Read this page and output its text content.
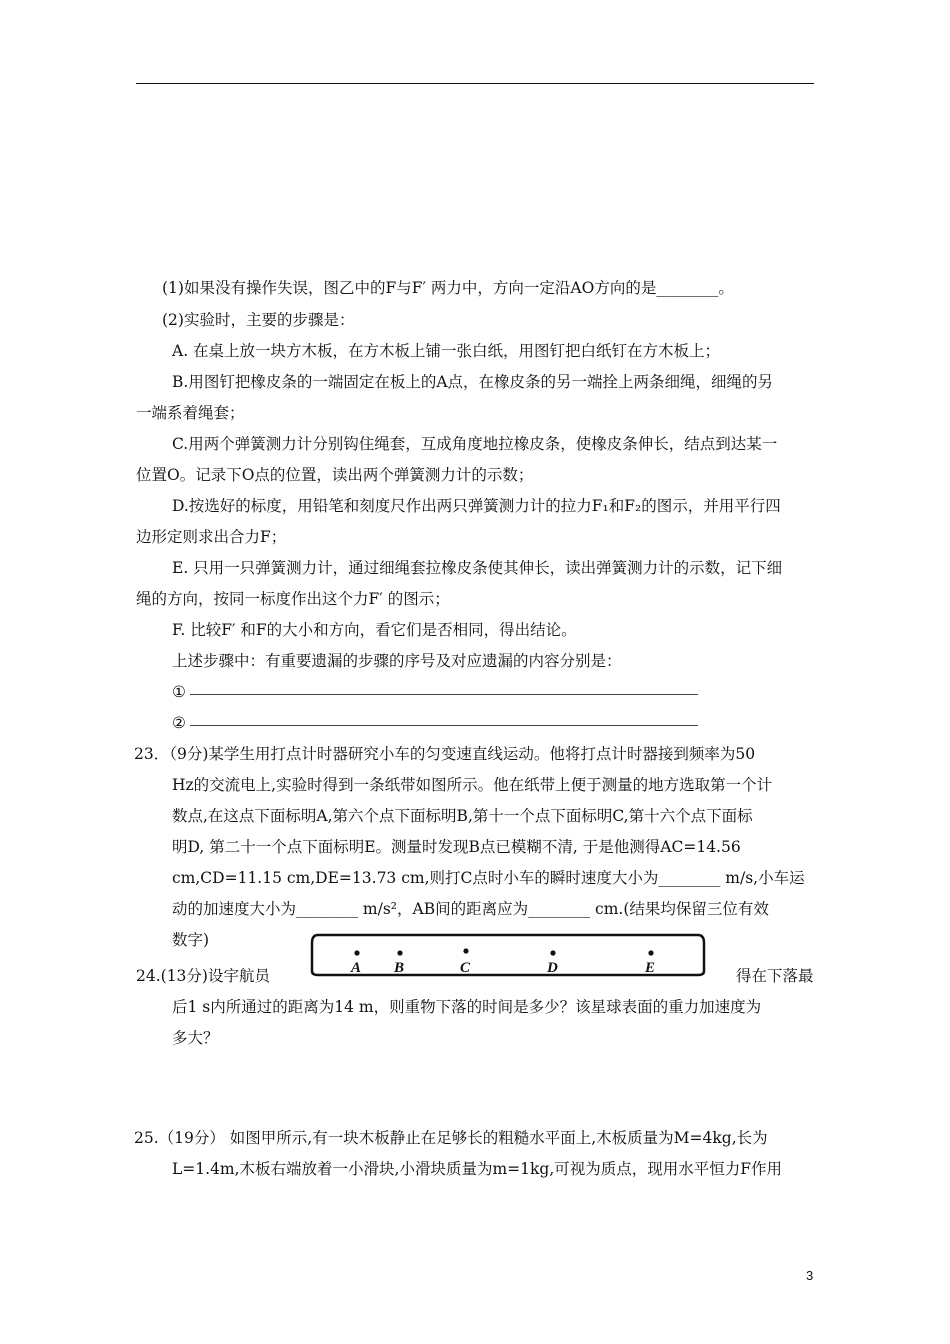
(1)如果没有操作失误，图乙中的F与F′ 两力中，方向一定沿AO方向的是________。
(2)实验时，主要的步骤是：
A. 在桌上放一块方木板，在方木板上铺一张白纸，用图钉把白纸钉在方木板上；
B.用图钉把橡皮条的一端固定在板上的A点，在橡皮条的另一端拴上两条细绳，细绳的另
一端系着绳套；
C.用两个弹簧测力计分别钩住绳套，互成角度地拉橡皮条，使橡皮条伸长，结点到达某一
位置O。记录下O点的位置，读出两个弹簧测力计的示数；
D.按选好的标度，用铅笔和刻度尺作出两只弹簧测力计的拉力F₁和F₂的图示，并用平行四
边形定则求出合力F；
E. 只用一只弹簧测力计，通过细绳套拉橡皮条使其伸长，读出弹簧测力计的示数，记下细
绳的方向，按同一标度作出这个力F′ 的图示；
F. 比较F′ 和F的大小和方向，看它们是否相同，得出结论。
上述步骤中：有重要遗漏的步骤的序号及对应遗漏的内容分别是：
①
②
23．（9分)某学生用打点计时器研究小车的匀变速直线运动。他将打点计时器接到频率为50
Hz的交流电上,实验时得到一条纸带如图所示。他在纸带上便于测量的地方选取第一个计
数点,在这点下面标明A,第六个点下面标明B,第十一个点下面标明C,第十六个点下面标
明D, 第二十一个点下面标明E。测量时发现B点已模糊不清, 于是他测得AC=14.56
cm,CD=11.15 cm,DE=13.73 cm,则打C点时小车的瞬时速度大小为________ m/s,小车运
动的加速度大小为________ m/s²，AB间的距离应为________ cm.(结果均保留三位有效
数字)
A B	C	D	E
24.(13分)设宇航员	得在下落最
后1 s内所通过的距离为14 m，则重物下落的时间是多少？该星球表面的重力加速度为
多大？
25.（19分） 如图甲所示,有一块木板静止在足够长的粗糙水平面上,木板质量为M=4kg,长为
L=1.4m,木板右端放着一小滑块,小滑块质量为m=1kg,可视为质点，现用水平恒力F作用
3
